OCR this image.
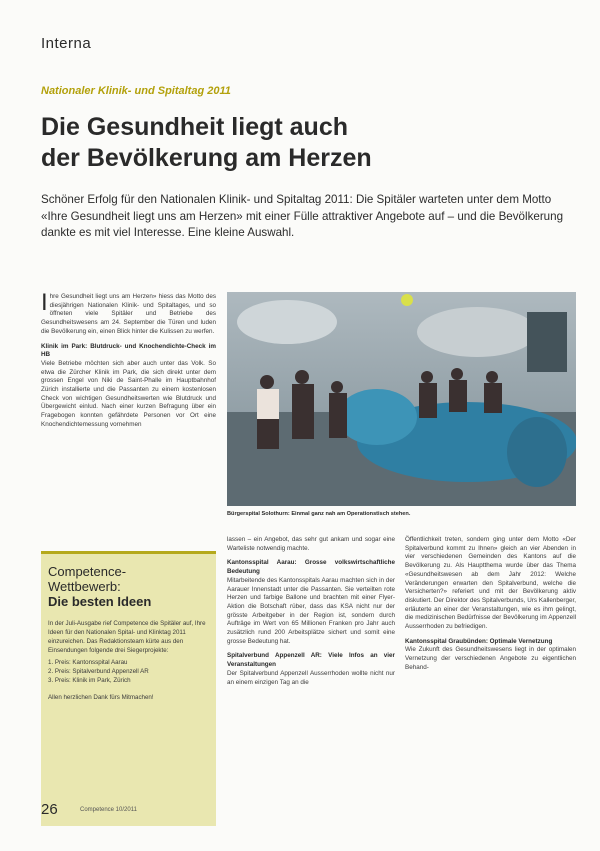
Interna
Nationaler Klinik- und Spitaltag 2011
Die Gesundheit liegt auch
der Bevölkerung am Herzen

Schöner Erfolg für den Nationalen Klinik- und Spitaltag 2011: Die Spitäler warteten unter dem Motto «Ihre Gesundheit liegt uns am Herzen» mit einer Fülle attraktiver Angebote auf – und die Bevölkerung dankte es mit viel Interesse. Eine kleine Auswahl.

I hre Gesundheit liegt uns am Herzen» hiess das Motto des diesjährigen Nationalen Klinik- und Spitaltages, und so öffneten viele Spitäler und Betriebe des Gesundheitswesens am 24. September die Türen und luden die Bevölkerung ein, einen Blick hinter die Kulissen zu werfen.

Klinik im Park: Blutdruck- und Knochendichte-Check im HB

Viele Betriebe möchten sich aber auch unter das Volk. So etwa die Zürcher Klinik im Park, die sich direkt unter dem grossen Engel von Niki de Saint-Phalle im Hauptbahnhof Zürich installierte und die Passanten zu einem kostenlosen Check von wichtigen Gesundheitswerten wie Blutdruck und Übergewicht einlud. Nach einer kurzen Befragung über ein Fragebogen konnten gefährdete Personen vor Ort eine Knochendichtemessung vornehmen

Bürgerspital Solothurn: Einmal ganz nah am Operationstisch stehen.

lassen – ein Angebot, das sehr gut ankam und sogar eine Warteliste notwendig machte.

Kantonsspital Aarau: Grosse volkswirtschaftliche Bedeutung

Mitarbeitende des Kantonsspitals Aarau machten sich in der Aarauer Innenstadt unter die Passanten. Sie verteilten rote Herzen und farbige Ballone und brachten mit einer Flyer-Aktion die Botschaft rüber, dass das KSA nicht nur der grösste Arbeitgeber in der Region ist, sondern durch Aufträge im Wert von 65 Millionen Franken pro Jahr auch zusätzlich rund 200 Arbeitsplätze sichert und somit eine grosse Bedeutung hat.

Spitalverbund Appenzell AR: Viele Infos an vier Veranstaltungen

Der Spitalverbund Appenzell Ausserrhoden wollte nicht nur an einem einzigen Tag an die

Öffentlichkeit treten, sondern ging unter dem Motto «Der Spitalverbund kommt zu Ihnen» gleich an vier Abenden in vier verschiedenen Gemeinden des Kantons auf die Bevölkerung zu. Als Hauptthema wurde über das Thema «Gesundheitswesen ab dem Jahr 2012: Welche Veränderungen erwarten den Spitalverbund, welche die Versicherten?» referiert und mit der Bevölkerung aktiv diskutiert. Der Direktor des Spitalverbunds, Urs Kallenberger, erläuterte an einer der Veranstaltungen, wie es ihm gelingt, die medizinischen Bedürfnisse der Bevölkerung im Appenzell Ausserrhoden zu befriedigen.

Kantonsspital Graubünden: Optimale Vernetzung

Wie Zukunft des Gesundheitswesens liegt in der optimalen Vernetzung der verschiedenen Angebote zu eigentlichen Behand-

Competence-
Wettbewerb:
Die besten Ideen

In der Juli-Ausgabe rief Competence die Spitäler auf, Ihre Ideen für den Nationalen Spital- und Klinktag 2011 einzureichen. Das Redaktionsteam kürte aus den Einsendungen folgende drei Siegerprojekte:

1. Preis: Kantonsspital Aarau
2. Preis: Spitalverbund Appenzell AR
3. Preis: Klinik im Park, Zürich

Allen herzlichen Dank fürs Mitmachen!

26	Competence 10/2011
